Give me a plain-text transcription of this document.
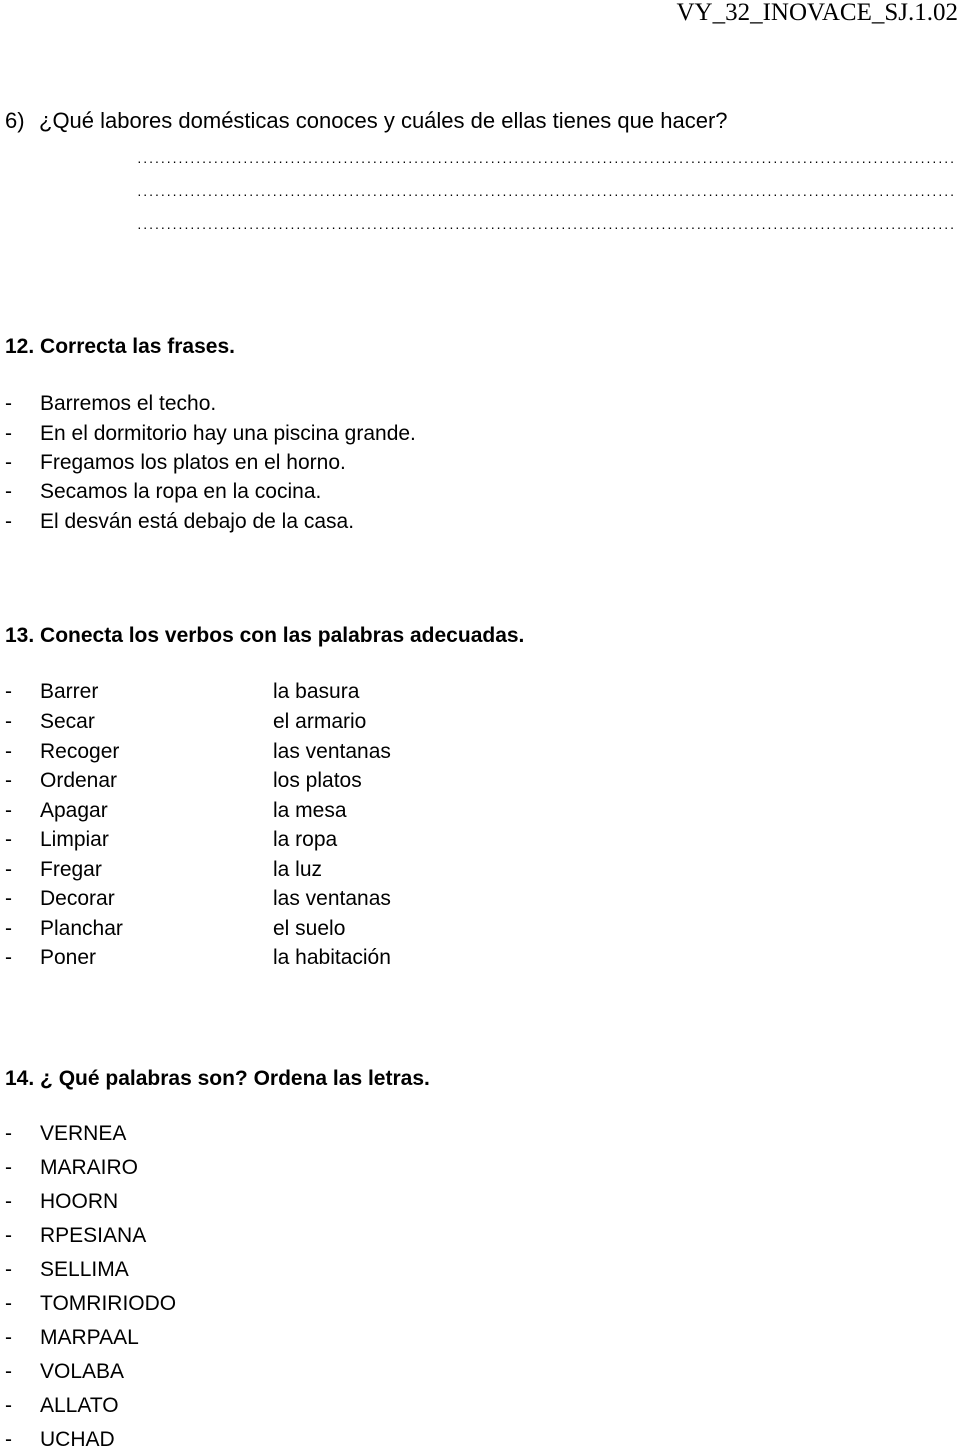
VY_32_INOVACE_SJ.1.02
6) ¿Qué labores domésticas conoces y cuáles de ellas tienes que hacer?
...........................................................................................................................................
...........................................................................................................................................
...........................................................................................................................................
12. Correcta las frases.
- Barremos el techo.
- En el dormitorio hay una piscina grande.
- Fregamos los platos en el horno.
- Secamos la ropa en la cocina.
- El desván está debajo de la casa.
13. Conecta los verbos con las palabras adecuadas.
- Barrer	la basura
- Secar	el armario
- Recoger	las ventanas
- Ordenar	los platos
- Apagar	la mesa
- Limpiar	la ropa
- Fregar	la luz
- Decorar	las ventanas
- Planchar	el suelo
- Poner	la habitación
14. ¿ Qué palabras son? Ordena las letras.
- VERNEA
- MARAIRO
- HOORN
- RPESIANA
- SELLIMA
- TOMRIRIODO
- MARPAAL
- VOLABA
- ALLATO
- UCHAD
